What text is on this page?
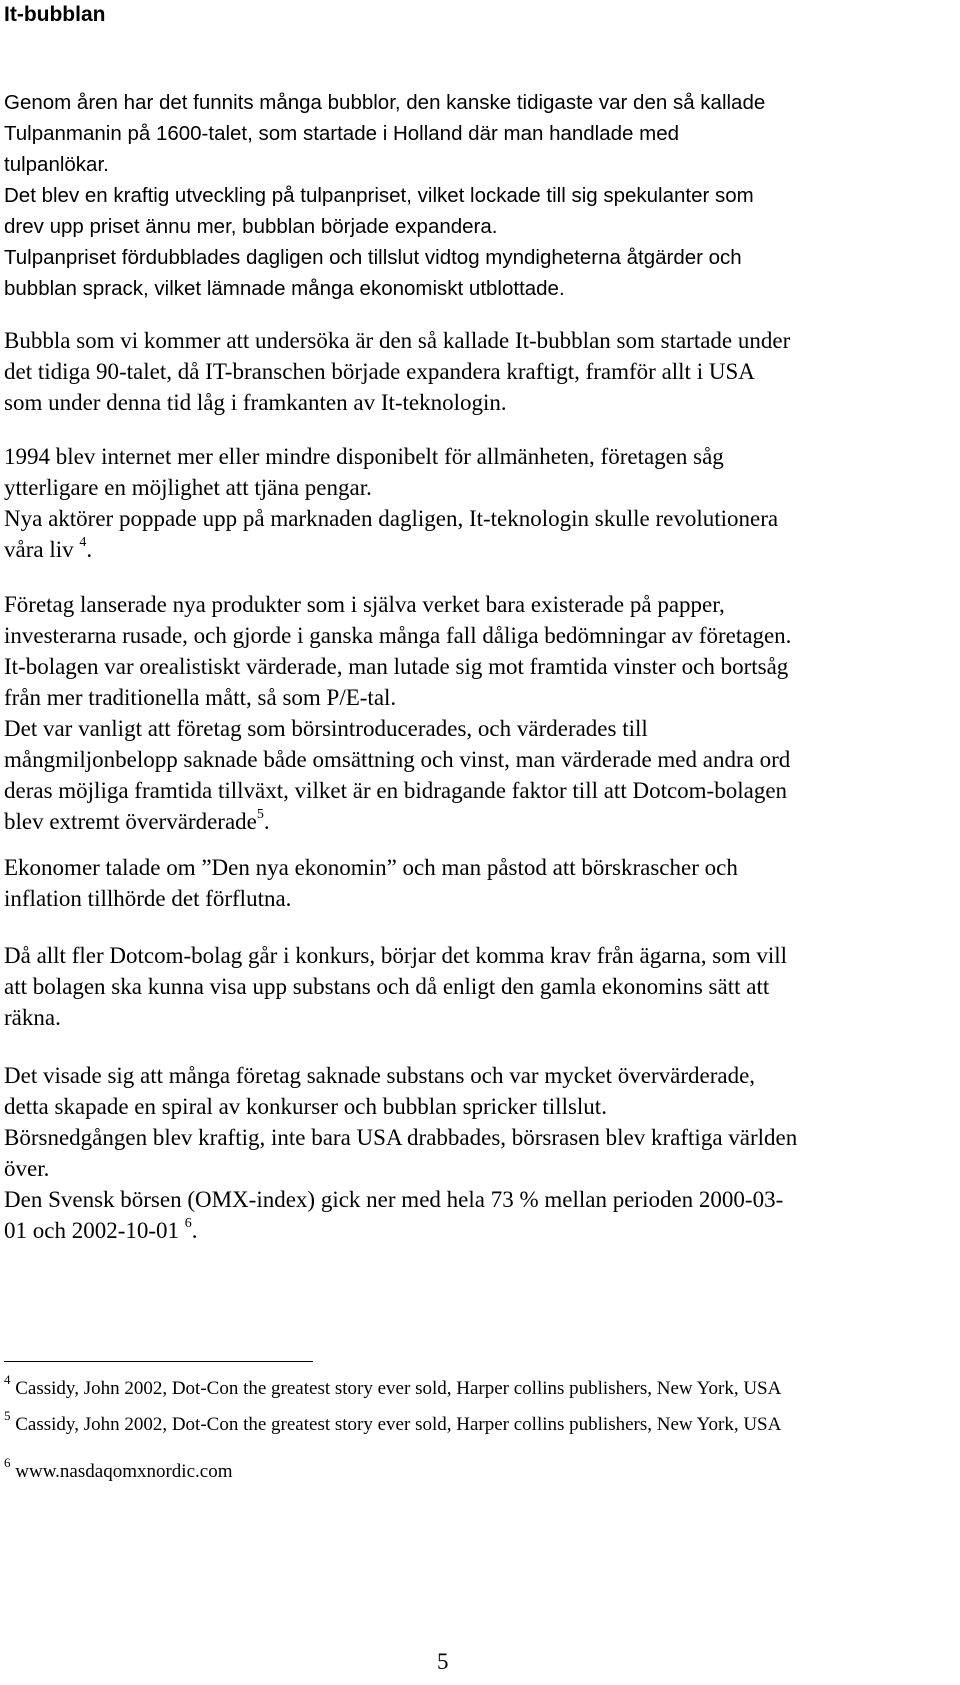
It-bubblan

Genom åren har det funnits många bubblor, den kanske tidigaste var den så kallade
Tulpanmanin på 1600-talet, som startade i Holland där man handlade med
tulpanlökar.
Det blev en kraftig utveckling på tulpanpriset, vilket lockade till sig spekulanter som
drev upp priset ännu mer, bubblan började expandera.
Tulpanpriset fördubblades dagligen och tillslut vidtog myndigheterna åtgärder och
bubblan sprack, vilket lämnade många ekonomiskt utblottade.

Bubbla som vi kommer att undersöka är den så kallade It-bubblan som startade under
det tidiga 90-talet, då IT-branschen började expandera kraftigt, framför allt i USA
som under denna tid låg i framkanten av It-teknologin.

1994 blev internet mer eller mindre disponibelt för allmänheten, företagen såg
ytterligare en möjlighet att tjäna pengar.
Nya aktörer poppade upp på marknaden dagligen, It-teknologin skulle revolutionera
våra liv $^4$.

Företag lanserade nya produkter som i själva verket bara existerade på papper,
investerarna rusade, och gjorde i ganska många fall dåliga bedömningar av företagen.
It-bolagen var orealistiskt värderade, man lutade sig mot framtida vinster och bortsåg
från mer traditionella mått, så som P/E-tal.
Det var vanligt att företag som börsintroducerades, och värderades till
mångmiljonbelopp saknade både omsättning och vinst, man värderade med andra ord
deras möjliga framtida tillväxt, vilket är en bidragande faktor till att Dotcom-bolagen
blev extremt övervärderade$^5$.

Ekonomer talade om ”Den nya ekonomin” och man påstod att börskrascher och
inflation tillhörde det förflutna.

Då allt fler Dotcom-bolag går i konkurs, börjar det komma krav från ägarna, som vill
att bolagen ska kunna visa upp substans och då enligt den gamla ekonomins sätt att
räkna.

Det visade sig att många företag saknade substans och var mycket övervärderade,
detta skapade en spiral av konkurser och bubblan spricker tillslut.
Börsnedgången blev kraftig, inte bara USA drabbades, börsrasen blev kraftiga världen
över.
Den Svensk börsen (OMX-index) gick ner med hela 73 % mellan perioden 2000-03-
01 och 2002-10-01 $^6$.

$^4$ Cassidy, John 2002, Dot-Con the greatest story ever sold, Harper collins publishers, New York, USA

$^5$ Cassidy, John 2002, Dot-Con the greatest story ever sold, Harper collins publishers, New York, USA

$^6$ www.nasdaqomxnordic.com

5
